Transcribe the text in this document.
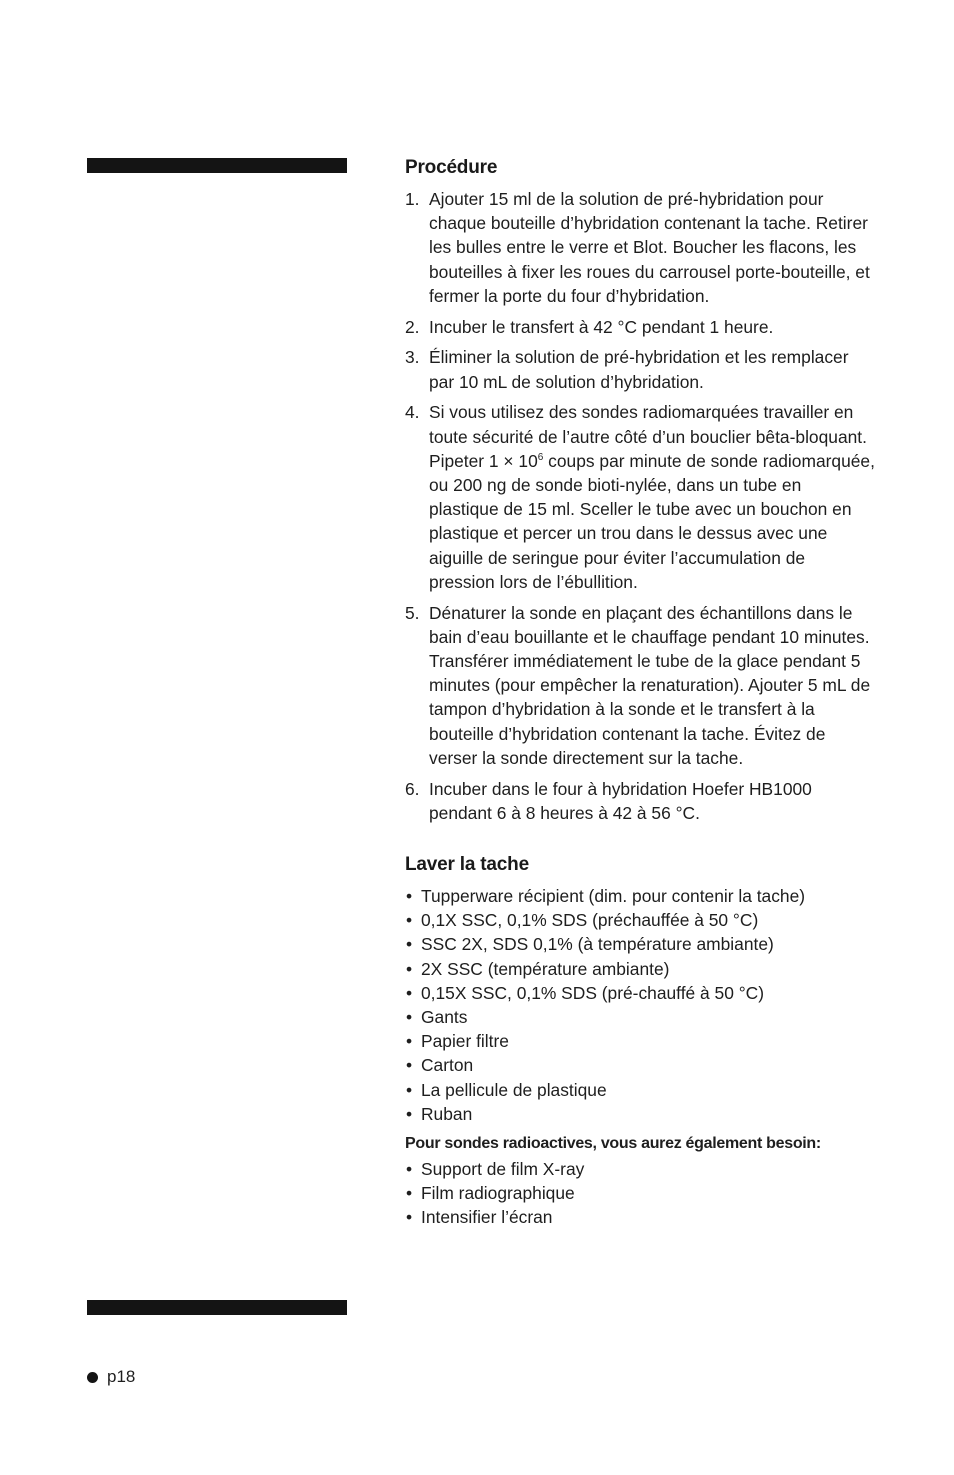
Procédure
1. Ajouter 15 ml de la solution de pré-hybridation pour chaque bouteille d’hybridation contenant la tache. Retirer les bulles entre le verre et Blot. Boucher les flacons, les bouteilles à fixer les roues du carrousel porte-bouteille, et fermer la porte du four d’hybridation.
2. Incuber le transfert à 42 °C pendant 1 heure.
3. Éliminer la solution de pré-hybridation et les remplacer par 10 mL de solution d’hybridation.
4. Si vous utilisez des sondes radiomarquées travailler en toute sécurité de l’autre côté d’un bouclier bêta-bloquant. Pipeter $1 \times 10^6$ coups par minute de sonde radiomarquée, ou 200 ng de sonde bioti-nylée, dans un tube en plastique de 15 ml. Sceller le tube avec un bouchon en plastique et percer un trou dans le dessus avec une aiguille de seringue pour éviter l’accumulation de pression lors de l’ébullition.
5. Dénaturer la sonde en plaçant des échantillons dans le bain d’eau bouillante et le chauffage pendant 10 minutes. Transférer immédiatement le tube de la glace pendant 5 minutes (pour empêcher la renaturation). Ajouter 5 mL de tampon d’hybridation à la sonde et le transfert à la bouteille d’hybridation contenant la tache. Évitez de verser la sonde directement sur la tache.
6. Incuber dans le four à hybridation Hoefer HB1000 pendant 6 à 8 heures à 42 à 56 °C.
Laver la tache
• Tupperware récipient (dim. pour contenir la tache)
• 0,1X SSC, 0,1% SDS (préchauffée à 50 °C)
• SSC 2X, SDS 0,1% (à température ambiante)
• 2X SSC (température ambiante)
• 0,15X SSC, 0,1% SDS (pré-chauffé à 50 °C)
• Gants
• Papier filtre
• Carton
• La pellicule de plastique
• Ruban
Pour sondes radioactives, vous aurez également besoin:
• Support de film X-ray
• Film radiographique
• Intensifier l’écran
p18
